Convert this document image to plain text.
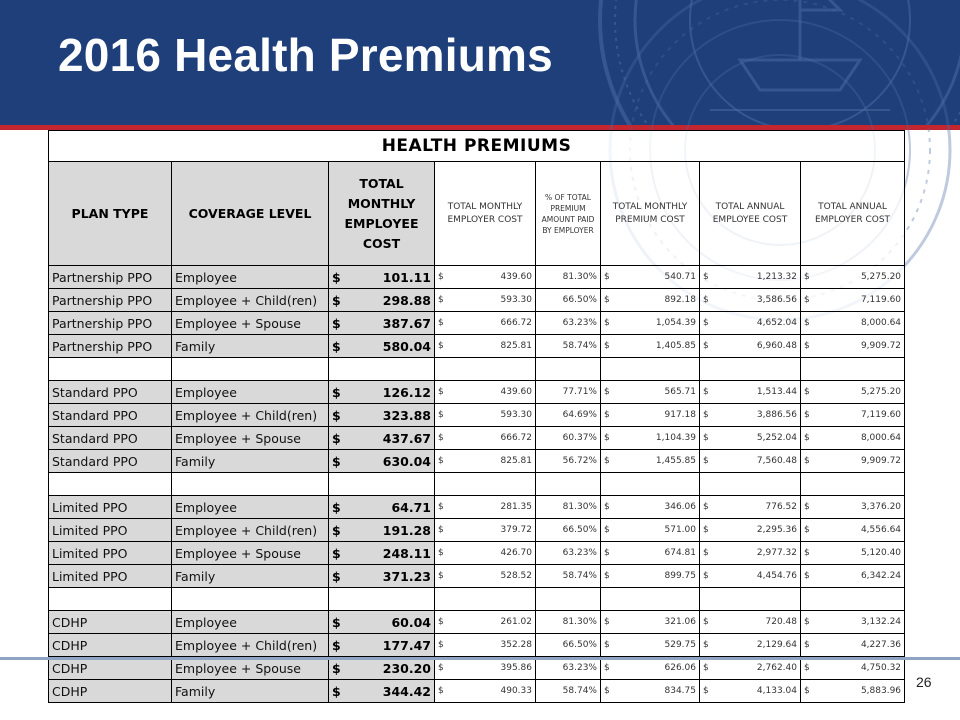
2016 Health Premiums
HEALTH PREMIUMS							
PLAN TYPE	COVERAGE LEVEL	TOTAL MONTHLY EMPLOYEE COST	TOTAL MONTHLY EMPLOYER COST	% OF TOTAL PREMIUM AMOUNT PAID BY EMPLOYER	TOTAL MONTHLY PREMIUM COST	TOTAL ANNUAL EMPLOYEE COST	TOTAL ANNUAL EMPLOYER COST
Partnership PPO	Employee	$ 101.11	$ 439.60	81.30%	$ 540.71	$ 1,213.32	$ 5,275.20

Partnership PPO	Employee + Child(ren)	$ 298.88	$ 593.30	66.50%	$ 892.18	$ 3,586.56	$ 7,119.60

Partnership PPO	Employee + Spouse	$ 387.67	$ 666.72	63.23%	$ 1,054.39	$ 4,652.04	$ 8,000.64

Partnership PPO	Family	$ 580.04	$ 825.81	58.74%	$ 1,405.85	$ 6,960.48	$ 9,909.72

Standard PPO	Employee	$ 126.12	$ 439.60	77.71%	$ 565.71	$ 1,513.44	$ 5,275.20

Standard PPO	Employee + Child(ren)	$ 323.88	$ 593.30	64.69%	$ 917.18	$ 3,886.56	$ 7,119.60

Standard PPO	Employee + Spouse	$ 437.67	$ 666.72	60.37%	$ 1,104.39	$ 5,252.04	$ 8,000.64

Standard PPO	Family	$ 630.04	$ 825.81	56.72%	$ 1,455.85	$ 7,560.48	$ 9,909.72

Limited PPO	Employee	$ 64.71	$ 281.35	81.30%	$ 346.06	$ 776.52	$ 3,376.20

Limited PPO	Employee + Child(ren)	$ 191.28	$ 379.72	66.50%	$ 571.00	$ 2,295.36	$ 4,556.64

Limited PPO	Employee + Spouse	$ 248.11	$ 426.70	63.23%	$ 674.81	$ 2,977.32	$ 5,120.40

Limited PPO	Family	$ 371.23	$ 528.52	58.74%	$ 899.75	$ 4,454.76	$ 6,342.24

CDHP	Employee	$ 60.04	$ 261.02	81.30%	$ 321.06	$ 720.48	$ 3,132.24

CDHP	Employee + Child(ren)	$ 177.47	$ 352.28	66.50%	$ 529.75	$ 2,129.64	$ 4,227.36

CDHP	Employee + Spouse	$ 230.20	$ 395.86	63.23%	$ 626.06	$ 2,762.40	$ 4,750.32

CDHP	Family	$ 344.42	$ 490.33	58.74%	$ 834.75	$ 4,133.04	$ 5,883.96
26
